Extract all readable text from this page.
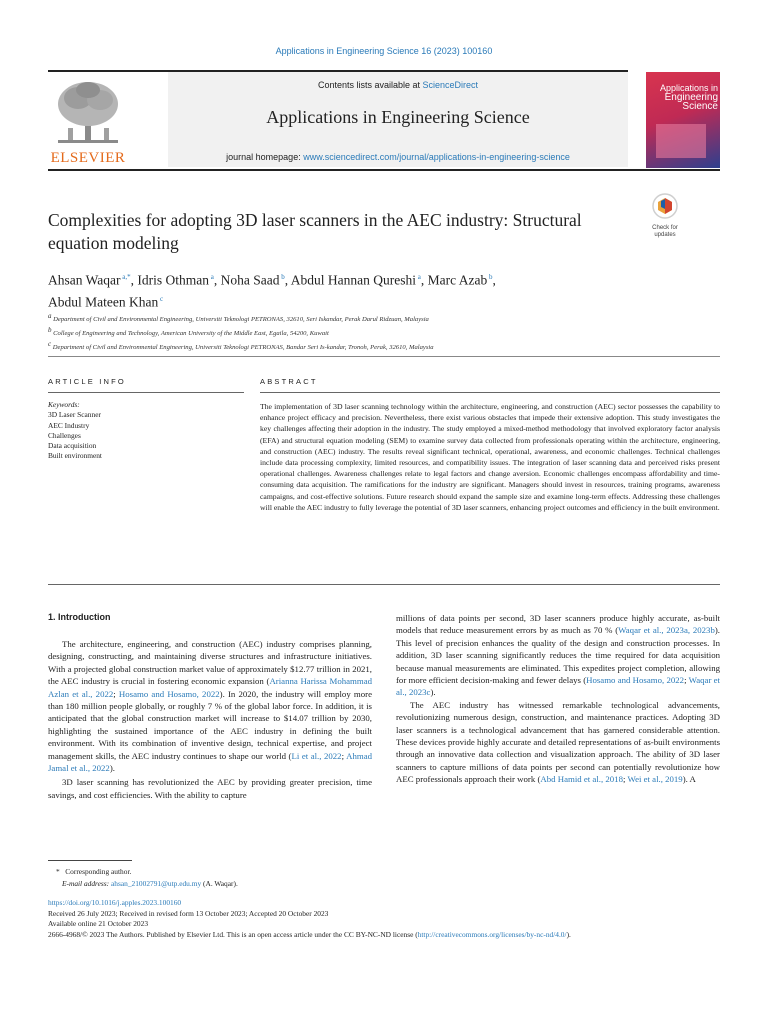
Applications in Engineering Science 16 (2023) 100160
ELSEVIER
Contents lists available at ScienceDirect
Applications in Engineering Science
journal homepage: www.sciencedirect.com/journal/applications-in-engineering-science
Applications in
Engineering
Science
Complexities for adopting 3D laser scanners in the AEC industry: Structural equation modeling
Check for
updates
Ahsan Waqar $^{a,*}$, Idris Othman $^a$, Noha Saad $^b$, Abdul Hannan Qureshi $^a$, Marc Azab $^b$,
Abdul Mateen Khan $^c$
$^a$ Department of Civil and Environmental Engineering, Universiti Teknologi PETRONAS, 32610, Seri Iskandar, Perak Darul Ridzuan, Malaysia
$^b$ College of Engineering and Technology, American University of the Middle East, Egaila, 54200, Kuwait
$^c$ Department of Civil and Environmental Engineering, Universiti Teknologi PETRONAS, Bandar Seri Is-kandar, Tronoh, Perak, 32610, Malaysia
ARTICLE INFO	ABSTRACT
Keywords:
3D Laser Scanner
AEC Industry
Challenges
Data acquisition
Built environment
The implementation of 3D laser scanning technology within the architecture, engineering, and construction (AEC) sector possesses the capability to enhance project efficacy and precision. Nevertheless, there exist various obstacles that impede their extensive adoption. This study investigates the key challenges affecting their adoption in the industry. The study employed a mixed-method methodology that involved exploratory factor analysis (EFA) and structural equation modeling (SEM) to examine survey data collected from professionals operating within the architecture, engineering, and construction (AEC) industry. The results reveal significant technical, operational, awareness, and economic challenges. Technical challenges include data processing complexity, limited resources, and compatibility issues. The integration of laser scanning data and perceived risks present operational challenges. Awareness challenges relate to legal factors and change aversion. Economic challenges encompass affordability and time-consuming data acquisition. The ramifications for the industry are significant. Managers should invest in resources, training programs, awareness campaigns, and cost-effective solutions. Future research should expand the sample size and examine long-term effects. Addressing these challenges will enable the AEC industry to fully leverage the potential of 3D laser scanners, enhancing project outcomes and efficiency in the built environment.
1. Introduction

The architecture, engineering, and construction (AEC) industry comprises planning, designing, constructing, and maintaining diverse structures and infrastructure initiatives. With a projected global construction market value of approximately $12.77 trillion in 2021, the AEC industry is crucial in fostering economic expansion (Arianna Harissa Mohammad Azlan et al., 2022; Hosamo and Hosamo, 2022). In 2020, the industry will employ more than 180 million people globally, or roughly 7 % of the global labor force. In addition, it is anticipated that the global construction market will increase to $14.07 trillion by 2030, highlighting the sustained importance of the AEC industry in defining the built environment. With its combination of inventive design, technical expertise, and project management skills, the AEC industry continues to shape our world (Li et al., 2022; Ahmad Jamal et al., 2022).

3D laser scanning has revolutionized the AEC by providing greater precision, time savings, and cost efficiencies. With the ability to capture

millions of data points per second, 3D laser scanners produce highly accurate, as-built models that reduce measurement errors by as much as 70 % (Waqar et al., 2023a, 2023b). This level of precision enhances the quality of the design and construction processes. In addition, 3D laser scanning significantly reduces the time required for data acquisition because manual measurements are eliminated. This expedites project completion, allowing for more efficient decision-making and fewer delays (Hosamo and Hosamo, 2022; Waqar et al., 2023c).

The AEC industry has witnessed remarkable technological advancements, revolutionizing numerous design, construction, and maintenance practices. Adopting 3D laser scanners is a technological advancement that has garnered considerable attention. These devices provide highly accurate and detailed representations of as-built environments through an innovative data collection and visualization approach. The ability of 3D laser scanners to capture millions of data points per second can potentially revolutionize how AEC professionals approach their work (Abd Hamid et al., 2018; Wei et al., 2019). A

* Corresponding author.
E-mail address: ahsan_21002791@utp.edu.my (A. Waqar).
https://doi.org/10.1016/j.apples.2023.100160
Received 26 July 2023; Received in revised form 13 October 2023; Accepted 20 October 2023
Available online 21 October 2023
2666-4968/© 2023 The Authors. Published by Elsevier Ltd. This is an open access article under the CC BY-NC-ND license (http://creativecommons.org/licenses/by-nc-nd/4.0/).
